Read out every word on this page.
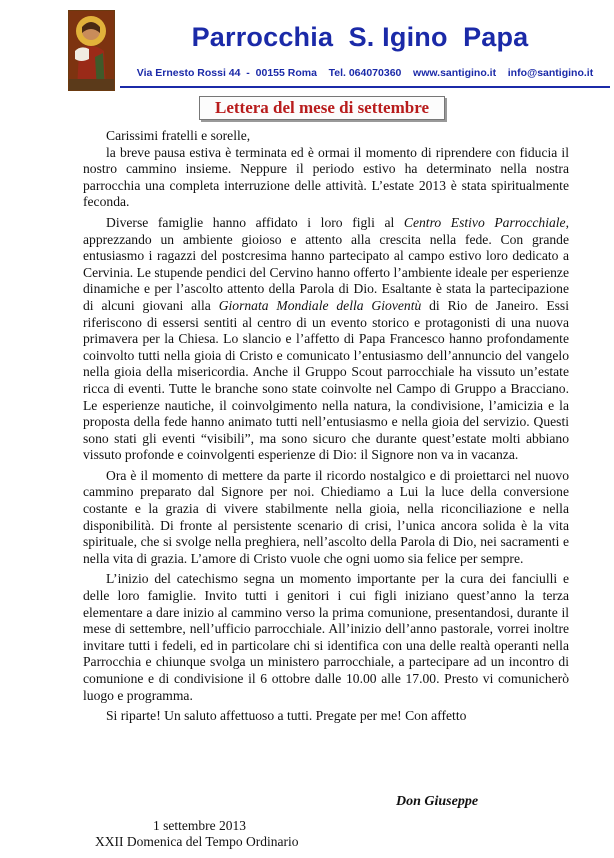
Parrocchia  S. Igino  Papa
Via Ernesto Rossi 44  -  00155 Roma    Tel. 064070360    www.santigino.it    info@santigino.it
Lettera del mese di settembre

Carissimi fratelli e sorelle,

la breve pausa estiva è terminata ed è ormai il momento di riprendere con fiducia il nostro cammino insieme. Neppure il periodo estivo ha determinato nella nostra parrocchia una completa interruzione delle attività. L’estate 2013 è stata spiritualmente feconda.

Diverse famiglie hanno affidato i loro figli al Centro Estivo Parrocchiale, apprezzando un ambiente gioioso e attento alla crescita nella fede. Con grande entusiasmo i ragazzi del postcresima hanno partecipato al campo estivo loro dedicato a Cervinia. Le stupende pendici del Cervino hanno offerto l’ambiente ideale per esperienze dinamiche e per l’ascolto attento della Parola di Dio. Esaltante è stata la partecipazione di alcuni giovani alla Giornata Mondiale della Gioventù di Rio de Janeiro. Essi riferiscono di essersi sentiti al centro di un evento storico e protagonisti di una nuova primavera per la Chiesa. Lo slancio e l’affetto di Papa Francesco hanno profondamente coinvolto tutti nella gioia di Cristo e comunicato l’entusiasmo dell’annuncio del vangelo nella gioia della misericordia. Anche il Gruppo Scout parrocchiale ha vissuto un’estate ricca di eventi. Tutte le branche sono state coinvolte nel Campo di Gruppo a Bracciano. Le esperienze nautiche, il coinvolgimento nella natura, la condivisione, l’amicizia e la proposta della fede hanno animato tutti nell’entusiasmo e nella gioia del servizio. Questi sono stati gli eventi “visibili”, ma sono sicuro che durante quest’estate molti abbiano vissuto profonde e coinvolgenti esperienze di Dio: il Signore non va in vacanza.

Ora è il momento di mettere da parte il ricordo nostalgico e di proiettarci nel nuovo cammino preparato dal Signore per noi. Chiediamo a Lui la luce della conversione costante e la grazia di vivere stabilmente nella gioia, nella riconciliazione e nella disponibilità. Di fronte al persistente scenario di crisi, l’unica ancora solida è la vita spirituale, che si svolge nella preghiera, nell’ascolto della Parola di Dio, nei sacramenti e nella vita di grazia. L’amore di Cristo vuole che ogni uomo sia felice per sempre.

L’inizio del catechismo segna un momento importante per la cura dei fanciulli e delle loro famiglie. Invito tutti i genitori i cui figli iniziano quest’anno la terza elementare a dare inizio al cammino verso la prima comunione, presentandosi, durante il mese di settembre, nell’ufficio parrocchiale. All’inizio dell’anno pastorale, vorrei inoltre invitare tutti i fedeli, ed in particolare chi si identifica con una delle realtà operanti nella Parrocchia e chiunque svolga un ministero parrocchiale, a partecipare ad un incontro di comunione e di condivisione il 6 ottobre dalle 10.00 alle 17.00. Presto vi comunicherò luogo e programma.

Si riparte! Un saluto affettuoso a tutti. Pregate per me! Con affetto

Don Giuseppe
1 settembre 2013
XXII Domenica del Tempo Ordinario
